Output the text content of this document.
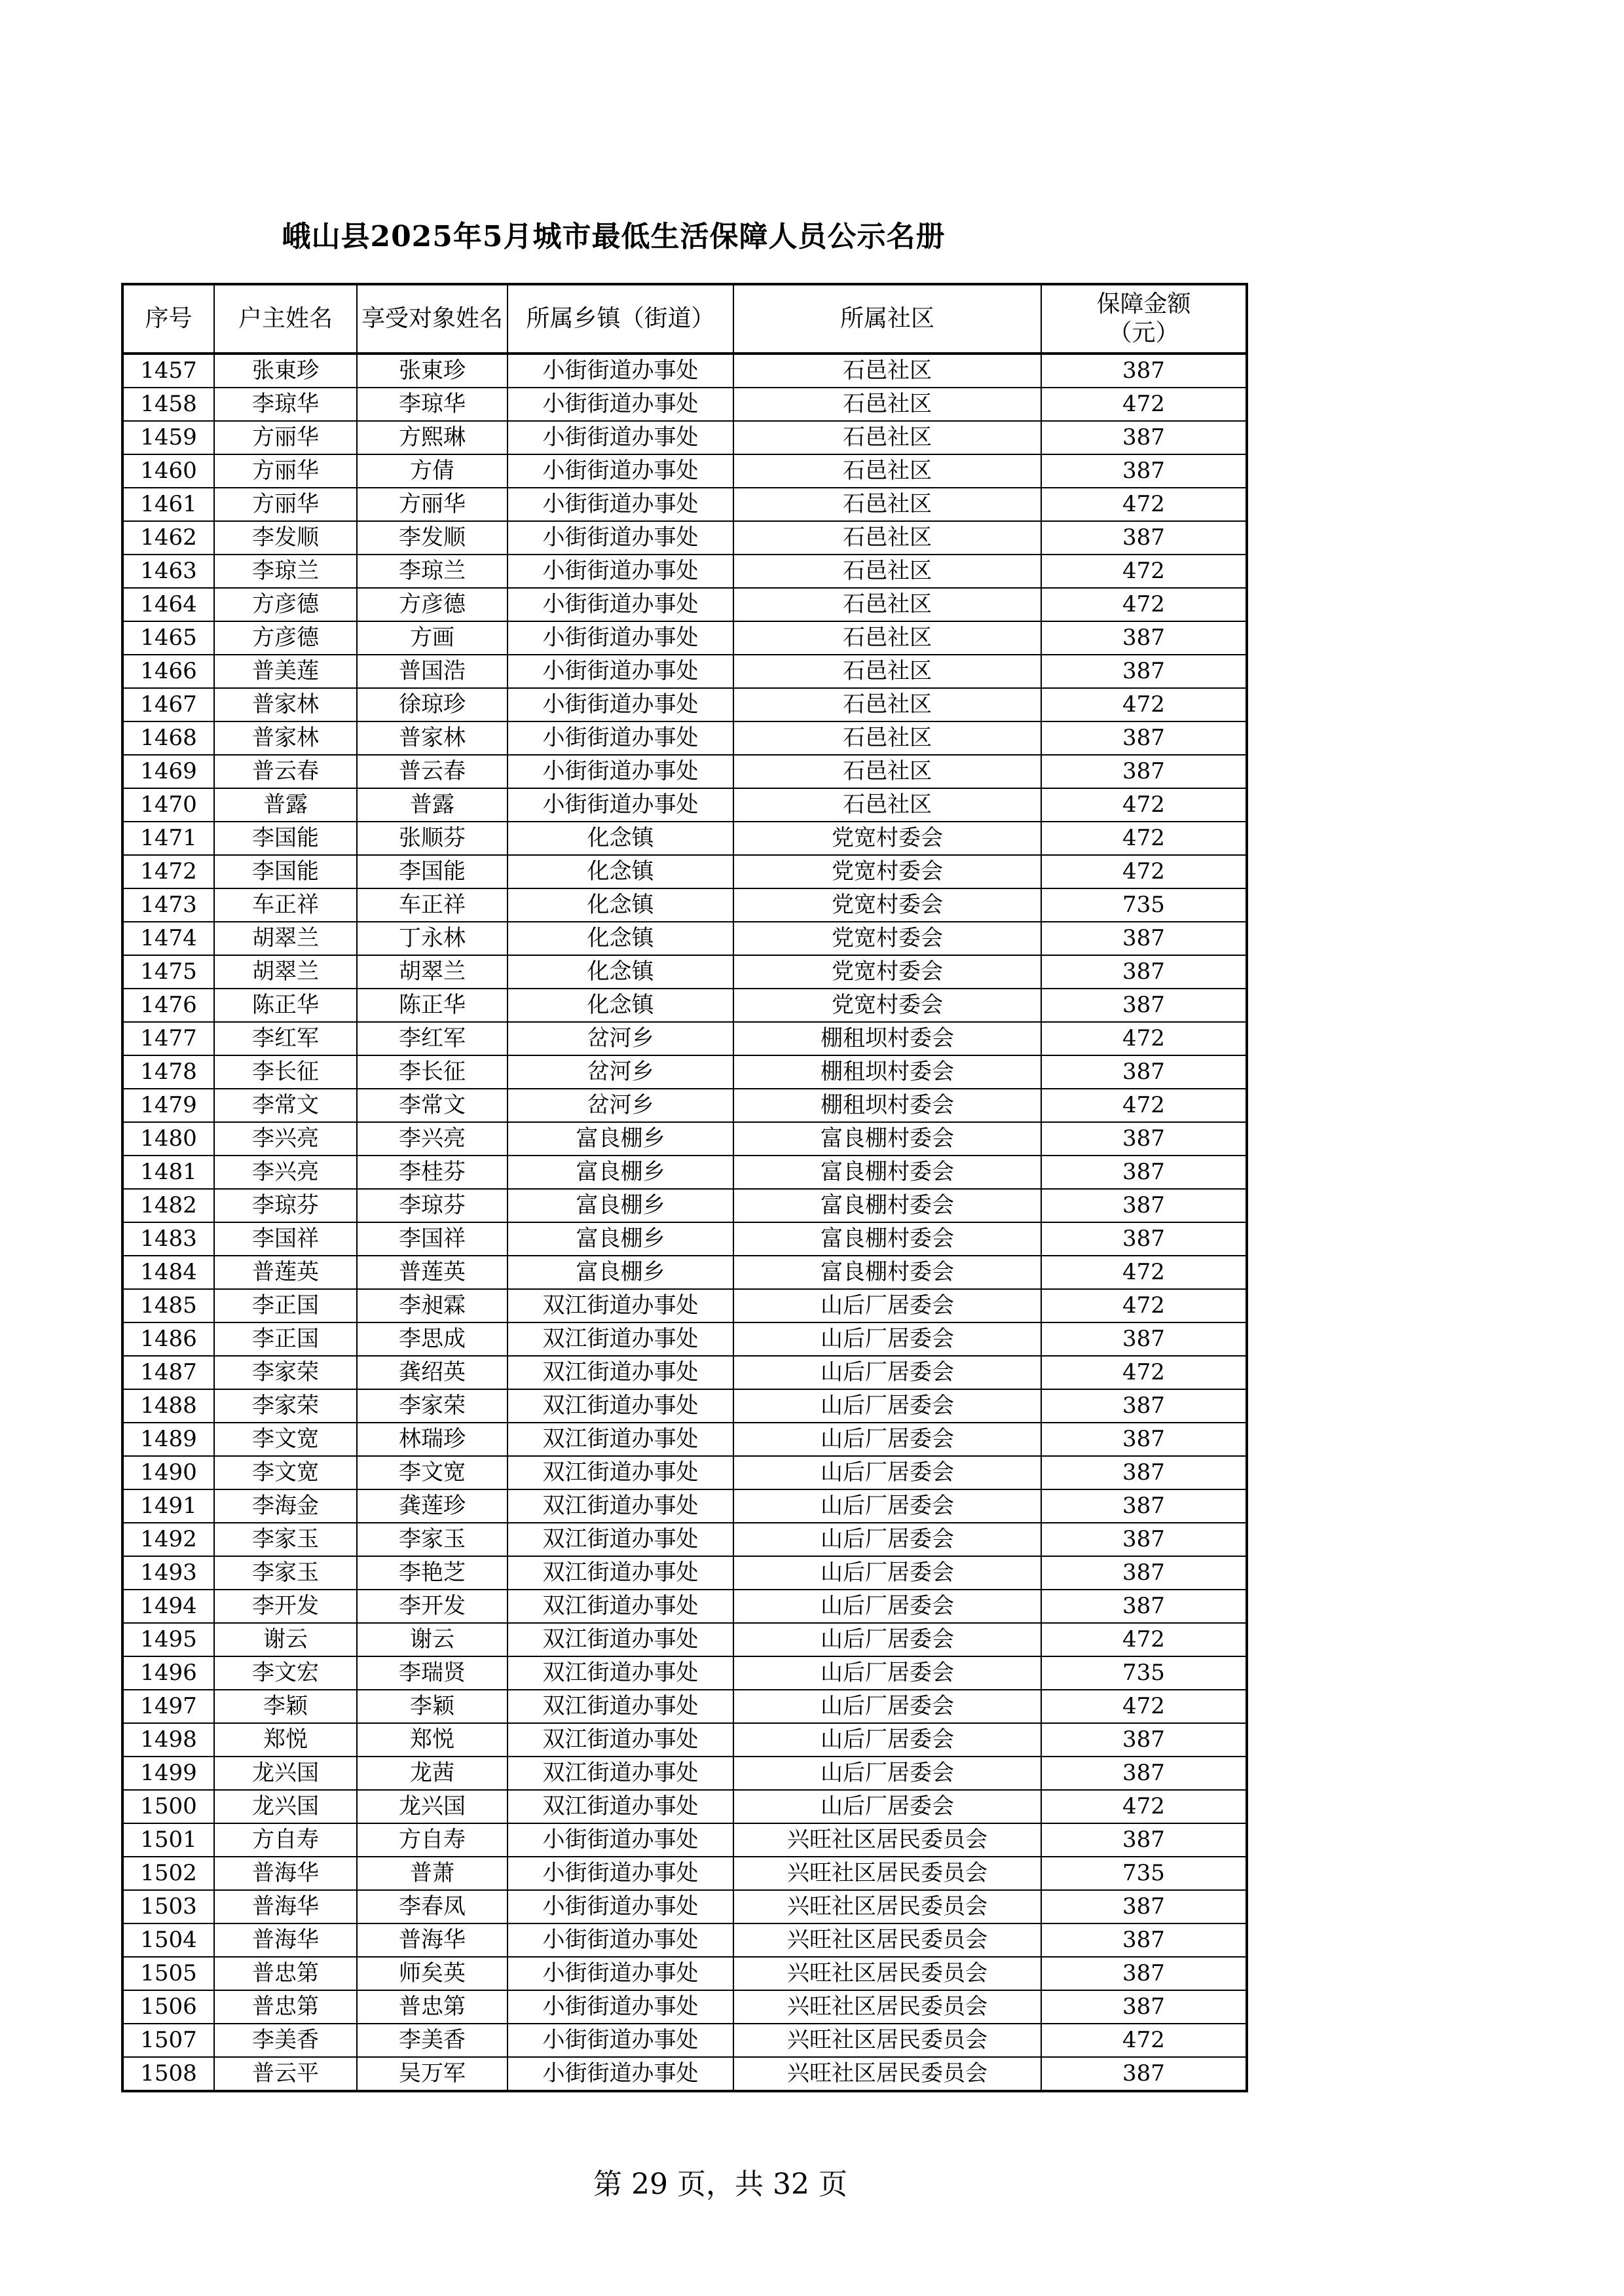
峨山县2025年5月城市最低生活保障人员公示名册
序号	户主姓名	享受对象姓名	所属乡镇（街道）	所属社区	保障金额
（元）
1457	张東珍	张東珍	小街街道办事处	石邑社区	387
1458	李琼华	李琼华	小街街道办事处	石邑社区	472
1459	方丽华	方熙琳	小街街道办事处	石邑社区	387
1460	方丽华	方倩	小街街道办事处	石邑社区	387
1461	方丽华	方丽华	小街街道办事处	石邑社区	472
1462	李发顺	李发顺	小街街道办事处	石邑社区	387
1463	李琼兰	李琼兰	小街街道办事处	石邑社区	472
1464	方彦德	方彦德	小街街道办事处	石邑社区	472
1465	方彦德	方画	小街街道办事处	石邑社区	387
1466	普美莲	普国浩	小街街道办事处	石邑社区	387
1467	普家林	徐琼珍	小街街道办事处	石邑社区	472
1468	普家林	普家林	小街街道办事处	石邑社区	387
1469	普云春	普云春	小街街道办事处	石邑社区	387
1470	普露	普露	小街街道办事处	石邑社区	472
1471	李国能	张顺芬	化念镇	党宽村委会	472
1472	李国能	李国能	化念镇	党宽村委会	472
1473	车正祥	车正祥	化念镇	党宽村委会	735
1474	胡翠兰	丁永林	化念镇	党宽村委会	387
1475	胡翠兰	胡翠兰	化念镇	党宽村委会	387
1476	陈正华	陈正华	化念镇	党宽村委会	387
1477	李红军	李红军	岔河乡	棚租坝村委会	472
1478	李长征	李长征	岔河乡	棚租坝村委会	387
1479	李常文	李常文	岔河乡	棚租坝村委会	472
1480	李兴亮	李兴亮	富良棚乡	富良棚村委会	387
1481	李兴亮	李桂芬	富良棚乡	富良棚村委会	387
1482	李琼芬	李琼芬	富良棚乡	富良棚村委会	387
1483	李国祥	李国祥	富良棚乡	富良棚村委会	387
1484	普莲英	普莲英	富良棚乡	富良棚村委会	472
1485	李正国	李昶霖	双江街道办事处	山后厂居委会	472
1486	李正国	李思成	双江街道办事处	山后厂居委会	387
1487	李家荣	龚绍英	双江街道办事处	山后厂居委会	472
1488	李家荣	李家荣	双江街道办事处	山后厂居委会	387
1489	李文宽	林瑞珍	双江街道办事处	山后厂居委会	387
1490	李文宽	李文宽	双江街道办事处	山后厂居委会	387
1491	李海金	龚莲珍	双江街道办事处	山后厂居委会	387
1492	李家玉	李家玉	双江街道办事处	山后厂居委会	387
1493	李家玉	李艳芝	双江街道办事处	山后厂居委会	387
1494	李开发	李开发	双江街道办事处	山后厂居委会	387
1495	谢云	谢云	双江街道办事处	山后厂居委会	472
1496	李文宏	李瑞贤	双江街道办事处	山后厂居委会	735
1497	李颖	李颖	双江街道办事处	山后厂居委会	472
1498	郑悦	郑悦	双江街道办事处	山后厂居委会	387
1499	龙兴国	龙茜	双江街道办事处	山后厂居委会	387
1500	龙兴国	龙兴国	双江街道办事处	山后厂居委会	472
1501	方自寿	方自寿	小街街道办事处	兴旺社区居民委员会	387
1502	普海华	普萧	小街街道办事处	兴旺社区居民委员会	735
1503	普海华	李春凤	小街街道办事处	兴旺社区居民委员会	387
1504	普海华	普海华	小街街道办事处	兴旺社区居民委员会	387
1505	普忠第	师矣英	小街街道办事处	兴旺社区居民委员会	387
1506	普忠第	普忠第	小街街道办事处	兴旺社区居民委员会	387
1507	李美香	李美香	小街街道办事处	兴旺社区居民委员会	472
1508	普云平	吴万军	小街街道办事处	兴旺社区居民委员会	387
第 29 页，共 32 页
